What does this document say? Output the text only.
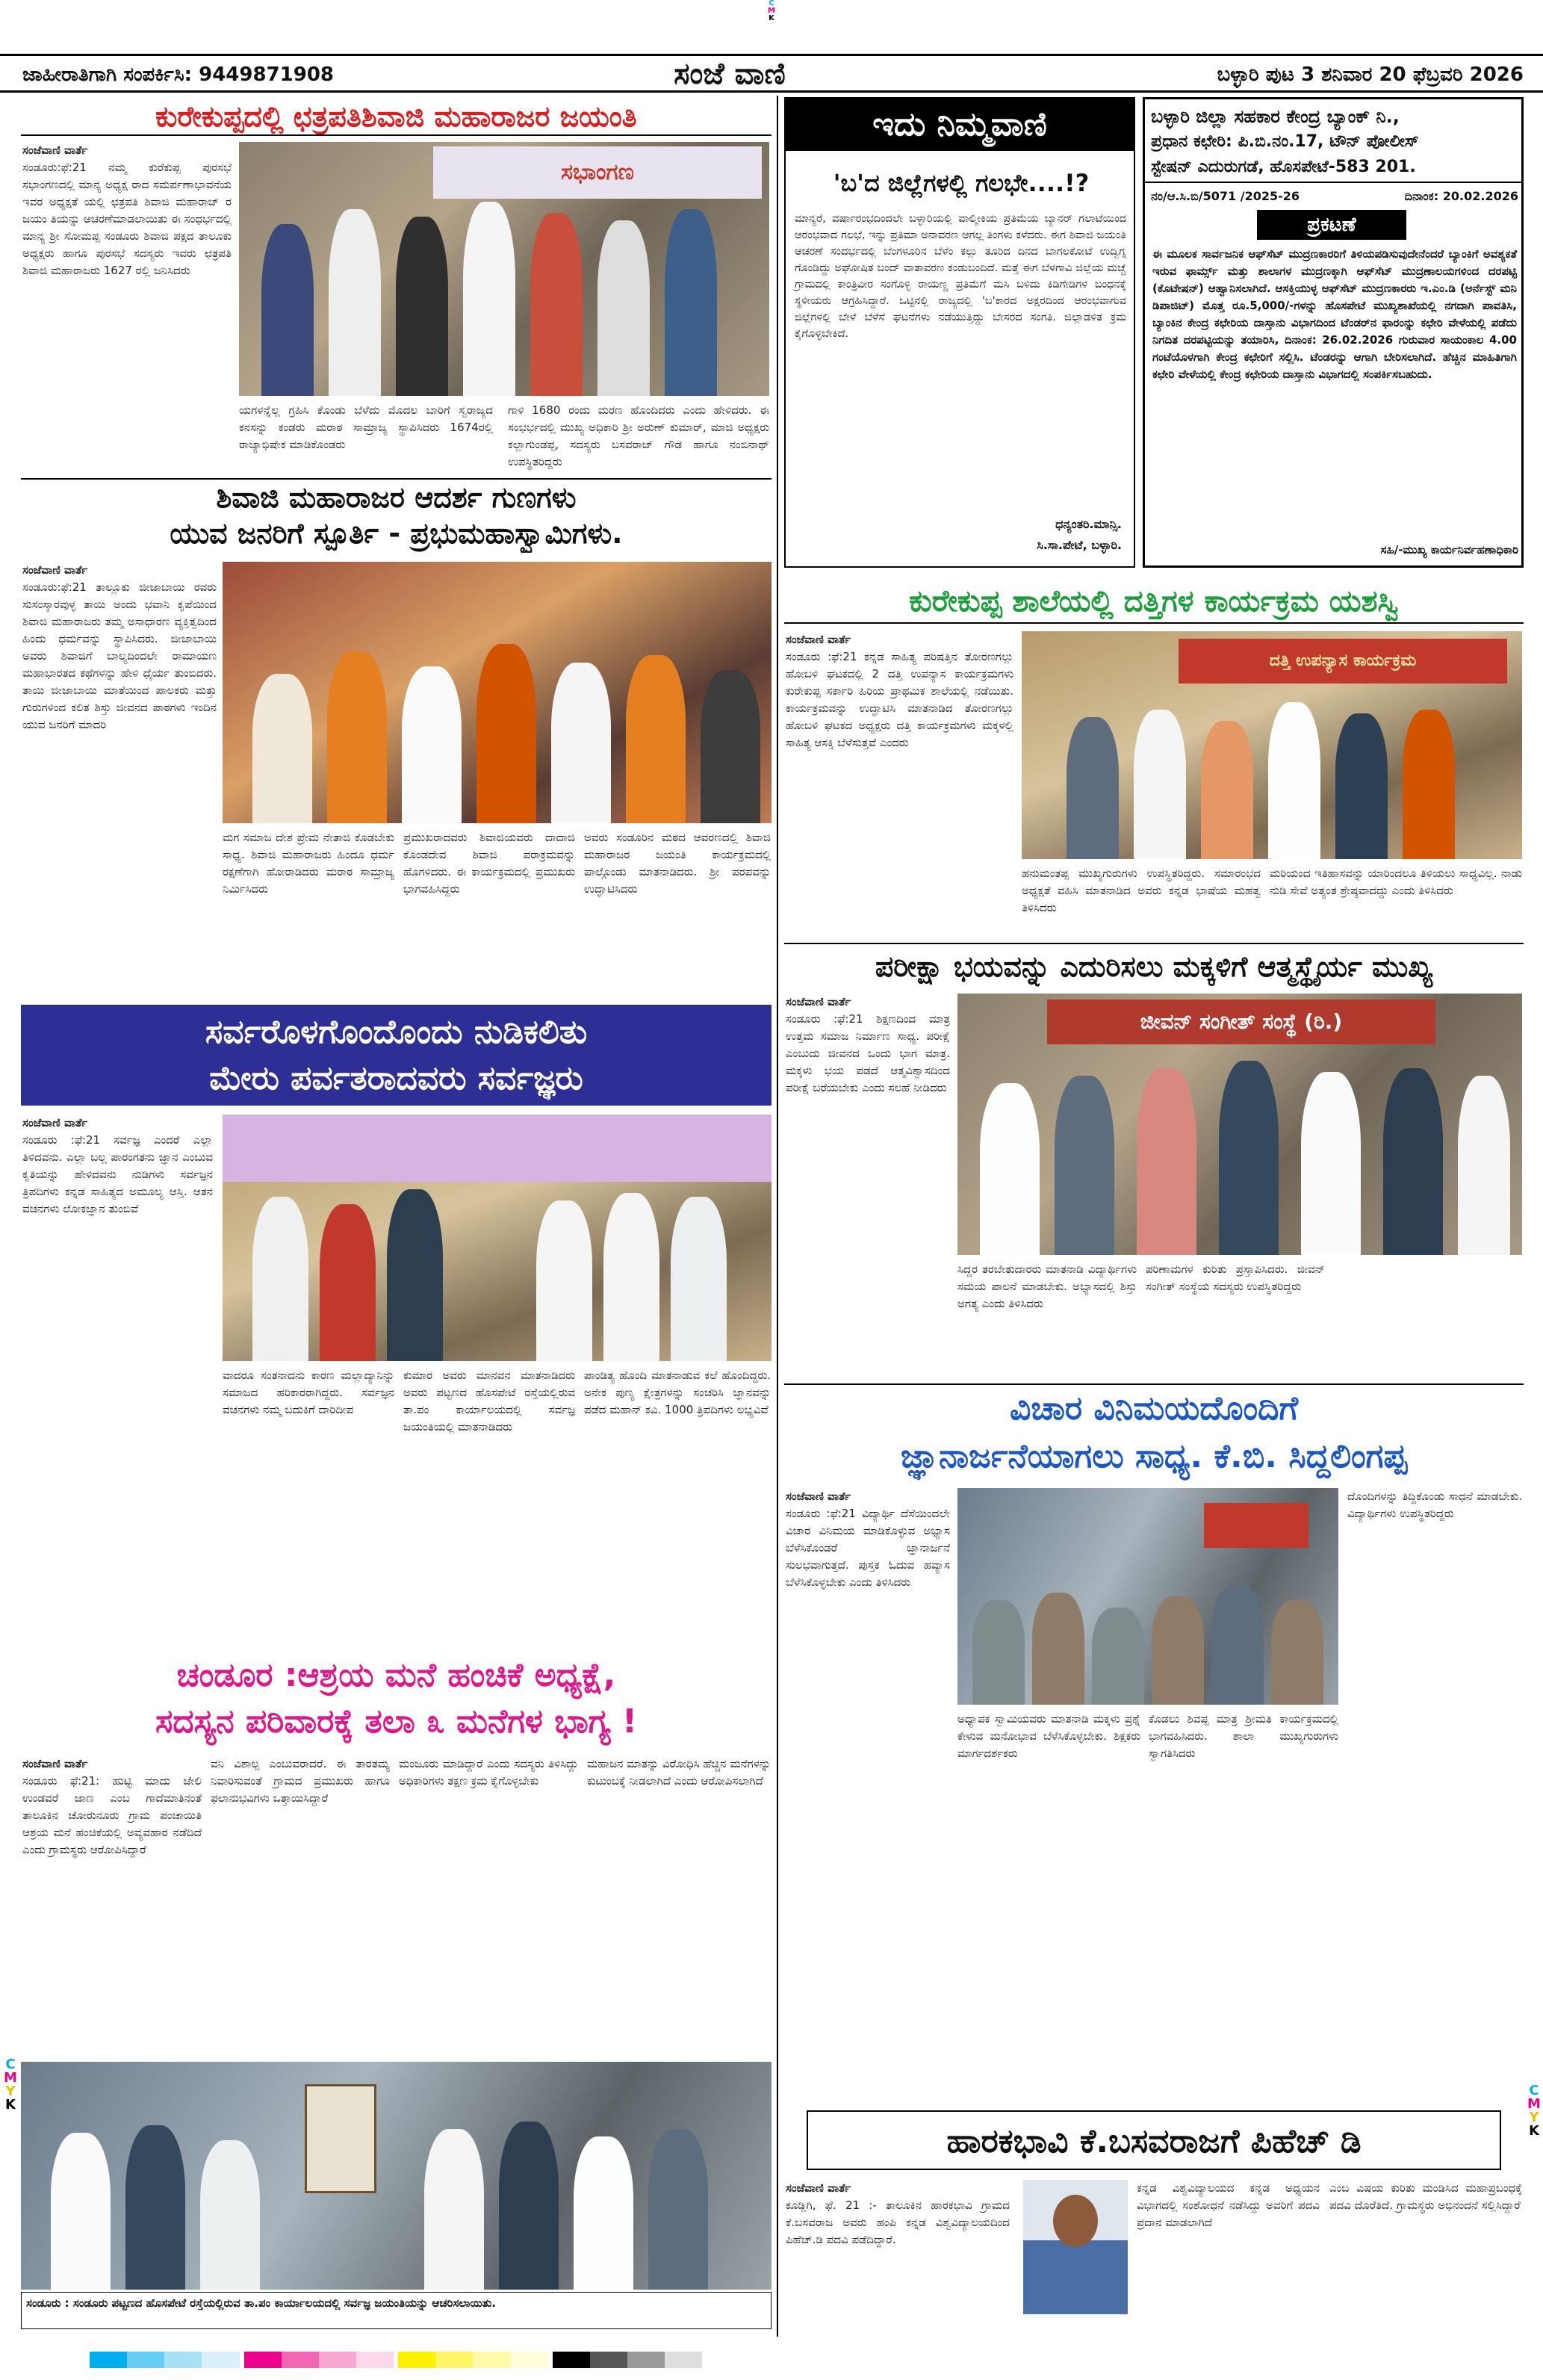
C
M
K
ಜಾಹೀರಾತಿಗಾಗಿ ಸಂಪರ್ಕಿಸಿ: 9449871908	ಸಂಜೆ ವಾಣಿ	ಬಳ್ಳಾರಿ ಪುಟ 3 ಶನಿವಾರ 20 ಫೆಬ್ರವರಿ 2026
ಕುರೇಕುಪ್ಪದಲ್ಲಿ ಛತ್ರಪತಿಶಿವಾಜಿ ಮಹಾರಾಜರ ಜಯಂತಿ
ಸಂಜೆವಾಣಿ ವಾರ್ತೆ
ಸಂಡೂರು:ಫೆ:21 ನಮ್ಮ ಕುರೆಕುಪ್ಪ ಪುರಸಭೆ ಸಭಾಂಗಣದಲ್ಲಿ ಮಾನ್ಯ ಅಧ್ಯಕ್ಷ ರಾದ ಸಮರ್ಪಣಾಭಾವನೆಯ ಇವರ ಅಧ್ಯಕ್ಷತೆ ಯಲ್ಲಿ ಛತ್ರಪತಿ ಶಿವಾಜಿ ಮಹಾರಾಜ್ ರ ಜಯಂ ತಿಯನ್ನು ಆಚರಣೆಮಾಡಲಾಯಿತು ಈ ಸಂಧರ್ಭದಲ್ಲಿ ಮಾನ್ಯ ಶ್ರೀ ಸೋಮಪ್ಪ ಸಂಡೂರು ಶಿವಾಜಿ ಪಕ್ಷದ ತಾಲೂಕು ಅಧ್ಯಕ್ಷರು ಹಾಗೂ ಪುರಸಭೆ ಸದಸ್ಯರು ಇವರು ಛತ್ರಪತಿ ಶಿವಾಜಿ ಮಹಾರಾಜರು 1627 ರಲ್ಲಿ ಜನಿಸಿದರು
ಸಭಾಂಗಣ
ಯಗಳನ್ನೆಲ್ಲ ಗ್ರಹಿಸಿ ಕೊಂಡು ಬೆಳೆದು ಮೊದಲ ಬಾರಿಗೆ ಸ್ವರಾಜ್ಯದ ಕನಸನ್ನು ಕಂಡರು ಮರಾಠ ಸಾಮ್ರಾಜ್ಯ ಸ್ಥಾಪಿಸಿದರು 1674ರಲ್ಲಿ ರಾಜ್ಯಾಭಿಷೇಕ ಮಾಡಿಕೊಂಡರು
ಗಾಳಿ 1680 ರಂದು ಮರಣ ಹೊಂದಿದರು ಎಂದು ಹೇಳಿದರು. ಈ ಸಂಭರ್ಭದಲ್ಲಿ ಮುಖ್ಯ ಅಧಿಕಾರಿ ಶ್ರೀ ಅರುಣ್ ಕುಮಾರ್, ಮಾಜಿ ಅಧ್ಯಕ್ಷರು ಕಲ್ಲಾಗುಂಡಪ್ಪ, ಸದಸ್ಯರು ಬಸವರಾಜ್ ಗೌಡ ಹಾಗೂ ನಂಬಿನಾಥ್ ಉಪಸ್ಥಿತರಿದ್ದರು
ಶಿವಾಜಿ ಮಹಾರಾಜರ ಆದರ್ಶ ಗುಣಗಳು
ಯುವ ಜನರಿಗೆ ಸ್ಪೂರ್ತಿ - ಪ್ರಭುಮಹಾಸ್ವಾಮಿಗಳು.
ಸಂಜೆವಾಣಿ ವಾರ್ತೆ
ಸಂಡೂರು:ಫೆ:21 ತಾಲ್ಲೂಕು ಜೀಜಾಬಾಯಿ ರವರು ಸುಸಂಸ್ಕಾರವುಳ್ಳ ತಾಯಿ ಅಂದು ಭವಾನಿ ಕೃಪೆಯಿಂದ ಶಿವಾಜಿ ಮಹಾರಾಜರು ತಮ್ಮ ಅಸಾಧಾರಣ ವ್ಯಕ್ತಿತ್ವದಿಂದ ಹಿಂದು ಧರ್ಮವನ್ನು ಸ್ಥಾಪಿಸಿದರು. ಜೀಜಾಬಾಯಿ ಅವರು ಶಿವಾಜಿಗೆ ಬಾಲ್ಯದಿಂದಲೇ ರಾಮಾಯಣ ಮಹಾಭಾರತದ ಕಥೆಗಳನ್ನು ಹೇಳಿ ಧೈರ್ಯ ತುಂಬಿದರು. ತಾಯಿ ಜೀಜಾಬಾಯಿ ಮಾತೆಯಿಂದ ಪಾಲಕರು ಮತ್ತು ಗುರುಗಳಿಂದ ಕಲಿತ ಶಿಸ್ತು ಜೀವನದ ಪಾಠಗಳು ಇಂದಿನ ಯುವ ಜನರಿಗೆ ಮಾದರಿ
ಮಗ ಸಮಾಜ ದೇಶ ಪ್ರೇಮ ನೇತಾಜಿ ಕೊಡಬೇಕು ಸಾಧ್ಯ. ಶಿವಾಜಿ ಮಹಾರಾಜರು ಹಿಂದೂ ಧರ್ಮ ರಕ್ಷಣೆಗಾಗಿ ಹೋರಾಡಿದರು ಮರಾಠ ಸಾಮ್ರಾಜ್ಯ ನಿರ್ಮಿಸಿದರು
ಪ್ರಮುಖರಾದವರು ಶಿವಾಜಿಯವರು ದಾದಾಜಿ ಕೊಂಡದೇವ ಶಿವಾಜಿ ಪರಾಕ್ರಮವನ್ನು ಹೊಗಳಿದರು. ಈ ಕಾರ್ಯಕ್ರಮದಲ್ಲಿ ಪ್ರಮುಖರು ಭಾಗವಹಿಸಿದ್ದರು
ಅವರು ಸಂಡೂರಿನ ಮಠದ ಆವರಣದಲ್ಲಿ ಶಿವಾಜಿ ಮಹಾರಾಜರ ಜಯಂತಿ ಕಾರ್ಯಕ್ರಮದಲ್ಲಿ ಪಾಲ್ಗೊಂಡು ಮಾತನಾಡಿದರು. ಶ್ರೀ ಪರಪವನ್ನು ಉದ್ಘಾಟಿಸಿದರು
ಸರ್ವರೊಳಗೊಂದೊಂದು ನುಡಿಕಲಿತು
ಮೇರು ಪರ್ವತರಾದವರು ಸರ್ವಜ್ಞರು
ಸಂಜೆವಾಣಿ ವಾರ್ತೆ
ಸಂಡೂರು :ಫೆ:21 ಸರ್ವಜ್ಞ ಎಂದರೆ ಎಲ್ಲಾ ತಿಳಿದವನು. ಎಲ್ಲಾ ಬಲ್ಲ ಪಾರಂಗತನು ಜ್ಞಾನ ಎಂಬುವ ಕೃತಿಯನ್ನು ಹೇಳಿದವನು ನುಡಿಗಳು ಸರ್ವಜ್ಞನ ತ್ರಿಪದಿಗಳು ಕನ್ನಡ ಸಾಹಿತ್ಯದ ಅಮೂಲ್ಯ ಆಸ್ತಿ. ಆತನ ವಚನಗಳು ಲೋಕಜ್ಞಾನ ತುಂಬಿವೆ
ವಾದರೂ ಸಂತನಾದನು ಕಾರಣ ಮಲ್ಲಾದ್ಯಾನಿನ್ನು ಸಮಾಜದ ಹರಿಕಾರರಾಗಿದ್ದರು. ಸರ್ವಜ್ಞನ ವಚನಗಳು ನಮ್ಮ ಬದುಕಿಗೆ ದಾರಿದೀಪ
ಕುಮಾರ ಅವರು ಮಾನವನ ಮಾತನಾಡಿದರು ಅವರು ಪಟ್ಟಣದ ಹೊಸಪೇಟೆ ರಸ್ತೆಯಲ್ಲಿರುವ ತಾ.ಪಂ ಕಾರ್ಯಾಲಯದಲ್ಲಿ ಸರ್ವಜ್ಞ ಜಯಂತಿಯಲ್ಲಿ ಮಾತನಾಡಿದರು
ಪಾಂಡಿತ್ಯ ಹೊಂದಿ ಮಾತನಾಡುವ ಕಲೆ ಹೊಂದಿದ್ದರು. ಅನೇಕ ಪುಣ್ಯ ಕ್ಷೇತ್ರಗಳನ್ನು ಸಂಚರಿಸಿ ಜ್ಞಾನವನ್ನು ಪಡೆದ ಮಹಾನ್ ಕವಿ. 1000 ತ್ರಿಪದಿಗಳು ಲಭ್ಯವಿವೆ
ಚಂಡೂರ :ಆಶ್ರಯ ಮನೆ ಹಂಚಿಕೆ ಅಧ್ಯಕ್ಷೆ,
ಸದಸ್ಯನ ಪರಿವಾರಕ್ಕೆ ತಲಾ ೩ ಮನೆಗಳ ಭಾಗ್ಯ !
ಸಂಜೆವಾಣಿ ವಾರ್ತೆ
ಸಂಡೂರು ಫೆ:21: ಹುಟ್ಟಿ ಮಾದು ಜೇಲಿ ಉಂಡವರೆ ಜಾಣ ಎಂಬ ಗಾದೆಮಾತಿನಂತೆ ತಾಲೂಕಿನ ಚೋರುನೂರು ಗ್ರಾಮ ಪಂಚಾಯಿತಿ ಆಶ್ರಯ ಮನೆ ಹಂಚಿಕೆಯಲ್ಲಿ ಅವ್ಯವಹಾರ ನಡೆದಿದೆ ಎಂದು ಗ್ರಾಮಸ್ಥರು ಆರೋಪಿಸಿದ್ದಾರೆ
ವನಿ ವಿಶಾಲ್ಪ ಎಂಬುವರಾದರೆ. ಈ ತಾರತಮ್ಯ ನಿವಾರಿಸುವಂತೆ ಗ್ರಾಮದ ಪ್ರಮುಖರು ಹಾಗೂ ಫಲಾನುಭವಿಗಳು ಒತ್ತಾಯಿಸಿದ್ದಾರೆ
ಮಂಜೂರು ಮಾಡಿದ್ದಾರೆ ಎಂದು ಸದಸ್ಯರು ತಿಳಿಸಿದ್ದು ಅಧಿಕಾರಿಗಳು ತಕ್ಷಣ ಕ್ರಮ ಕೈಗೊಳ್ಳಬೇಕು
ಮಹಾಜನ ಮಾತನ್ನು ವಿರೋಧಿಸಿ ಹೆಚ್ಚಿನ ಮನೆಗಳನ್ನು ಕುಟುಂಬಕ್ಕೆ ನೀಡಲಾಗಿದೆ ಎಂದು ಆರೋಪಿಸಲಾಗಿದೆ
ಸಂಡೂರು : ಸಂಡೂರು ಪಟ್ಟಣದ ಹೊಸಪೇಟೆ ರಸ್ತೆಯಲ್ಲಿರುವ ತಾ.ಪಂ ಕಾರ್ಯಾಲಯದಲ್ಲಿ ಸರ್ವಜ್ಞ ಜಯಂತಿಯನ್ನು ಆಚರಿಸಲಾಯಿತು.
ಇದು ನಿಮ್ಮವಾಣಿ
'ಬ'ದ ಜಿಲ್ಲೆಗಳಲ್ಲಿ ಗಲಭೇ....!?
ಮಾನ್ಯರೆ, ವರ್ಷಾರಂಭದಿಂದಲೇ ಬಳ್ಳಾರಿಯಲ್ಲಿ ವಾಲ್ಮೀಕಿಯ ಪ್ರತಿಮೆಯ ಬ್ಯಾನರ್ ಗಲಾಟೆಯಿಂದ ಆರಂಭವಾದ ಗಲಭೆ, ಇನ್ನು ಪ್ರತಿಮಾ ಅನಾವರಣ ಆಗಲ್ಲ ತಿಂಗಳು ಕಳೆದರು. ಈಗ ಶಿವಾಜಿ ಜಯಂತಿ ಆಚರಣೆ ಸಂದರ್ಭದಲ್ಲಿ ಬೆಂಗಳೂರಿನ ಬೆಳೆಂ ಕಲ್ಲು ತೂರಿದ ದಿನದ ಬಾಗಲಕೋಟೆ ಉದ್ವಿಗ್ನ ಗೊಂಡಿದ್ದು ಅಘೋಷಿತ ಬಂದ್ ವಾತಾವರಣ ಕಂಡುಬಂದಿದೆ. ಮತ್ತೆ ಈಗ ಬೆಳಗಾವಿ ಜಿಲ್ಲೆಯ ಮಚ್ಚೆ ಗ್ರಾಮದಲ್ಲಿ ಕಾಂತ್ರಿವೀರ ಸಂಗೊಳ್ಳಿ ರಾಯಣ್ಣ ಪ್ರತಿಮೆಗೆ ಮಸಿ ಬಳಿದು ಕಿಡಿಗೇಡಿಗಳ ಬಂಧನಕ್ಕೆ ಸ್ಥಳೀಯರು ಆಗ್ರಹಿಸಿದ್ದಾರೆ. ಒಟ್ಟಿನಲ್ಲಿ ರಾಜ್ಯದಲ್ಲಿ 'ಬ'ಕಾರದ ಅಕ್ಷರದಿಂದ ಆರಂಭವಾಗುವ ಜಿಲ್ಲೆಗಳಲ್ಲಿ ಬೇಳೆ ಬೆಳೆಸೆ ಘಟನೆಗಳು ನಡೆಯುತ್ತಿದ್ದು ಬೇಸರದ ಸಂಗತಿ. ಜಿಲ್ಲಾಡಳಿತ ಕ್ರಮ ಕೈಗೊಳ್ಳಬೇಕಿದೆ.
ಧನ್ಯಂತರಿ.ಮಾನ್ಸಿ.
ಸಿ.ಸಾ.ಪೇಟೆ, ಬಳ್ಳಾರಿ.
ಬಳ್ಳಾರಿ ಜಿಲ್ಲಾ ಸಹಕಾರ ಕೇಂದ್ರ ಬ್ಯಾಂಕ್ ನಿ.,
ಪ್ರಧಾನ ಕಛೇರಿ: ಪಿ.ಬಿ.ನಂ.17, ಟೌನ್ ಪೋಲೀಸ್
ಸ್ಟೇಷನ್ ಎದುರುಗಡೆ, ಹೊಸಪೇಟೆ-583 201.
ನಂ/ಆ.ಸಿ.ಬಿ/5071 /2025-26	ದಿನಾಂಕ: 20.02.2026
ಪ್ರಕಟಣೆ
ಈ ಮೂಲಕ ಸಾರ್ವಜನಿಕ ಆಫ್‌ಸೆಟ್ ಮುದ್ರಣಕಾರರಿಗೆ ತಿಳಿಯಪಡಿಸುವುದೇನೆಂದರೆ ಬ್ಯಾಂಕಿಗೆ ಅವಶ್ಯಕತೆ ಇರುವ ಫಾರ್ಮ್ಸ್ ಮತ್ತು ಶಾಲಾಗಳ ಮುದ್ರಣಕ್ಕಾಗಿ ಆಫ್‌ಸೆಟ್ ಮುದ್ರಣಾಲಯಗಳಿಂದ ದರಪಟ್ಟಿ (ಕೊಟೇಷನ್) ಆಹ್ವಾನಿಸಲಾಗಿದೆ. ಆಸಕ್ತಿಯುಳ್ಳ ಆಫ್‌ಸೆಟ್ ಮುದ್ರಣಕಾರರು ಇ.ಎಂ.ಡಿ (ಅರ್ನೆಸ್ಟ್ ಮನಿ ಡಿಪಾಜಿಟ್) ಮೊತ್ತ ರೂ.5,000/-ಗಳನ್ನು ಹೊಸಪೇಟೆ ಮುಖ್ಯಶಾಖೆಯಲ್ಲಿ ನಗದಾಗಿ ಪಾವತಿಸಿ, ಬ್ಯಾಂಕಿನ ಕೇಂದ್ರ ಕಛೇರಿಯ ದಾಸ್ತಾನು ವಿಭಾಗದಿಂದ ಟೆಂಡರ್‌ನ ಫಾರಂನ್ನು ಕಛೇರಿ ವೇಳೆಯಲ್ಲಿ ಪಡೆದು ನಿಗದಿತ ದರಪಟ್ಟಿಯನ್ನು ತಯಾರಿಸಿ, ದಿನಾಂಕ: 26.02.2026 ಗುರುವಾರ ಸಾಯಂಕಾಲ 4.00 ಗಂಟೆಯೊಳಗಾಗಿ ಕೇಂದ್ರ ಕಛೇರಿಗೆ ಸಲ್ಲಿಸಿ. ಟೆಂಡರನ್ನು ಆಗಾಗಿ ಬೇರಿಸಲಾಗಿದೆ. ಹೆಚ್ಚಿನ ಮಾಹಿತಿಗಾಗಿ ಕಛೇರಿ ವೇಳೆಯಲ್ಲಿ ಕೇಂದ್ರ ಕಛೇರಿಯ ದಾಸ್ತಾನು ವಿಭಾಗದಲ್ಲಿ ಸಂಪರ್ಕಿಸಬಹುದು.
ಸಹಿ/-ಮುಖ್ಯ ಕಾರ್ಯನಿರ್ವಹಣಾಧಿಕಾರಿ
ಕುರೇಕುಪ್ಪ ಶಾಲೆಯಲ್ಲಿ ದತ್ತಿಗಳ ಕಾರ್ಯಕ್ರಮ ಯಶಸ್ವಿ
ಸಂಜೆವಾಣಿ ವಾರ್ತೆ
ಸಂಡೂರು :ಫೆ:21 ಕನ್ನಡ ಸಾಹಿತ್ಯ ಪರಿಷತ್ತಿನ ತೋರಣಗಲ್ಲು ಹೋಬಳಿ ಘಟಕದಲ್ಲಿ 2 ದತ್ತಿ ಉಪನ್ಯಾಸ ಕಾರ್ಯಕ್ರಮಗಳು ಕುರೇಕುಪ್ಪ ಸರ್ಕಾರಿ ಹಿರಿಯ ಪ್ರಾಥಮಿಕ ಶಾಲೆಯಲ್ಲಿ ನಡೆಯಿತು. ಕಾರ್ಯಕ್ರಮವನ್ನು ಉದ್ಘಾಟಿಸಿ ಮಾತನಾಡಿದ ತೋರಣಗಲ್ಲು ಹೋಬಳಿ ಘಟಕದ ಅಧ್ಯಕ್ಷರು ದತ್ತಿ ಕಾರ್ಯಕ್ರಮಗಳು ಮಕ್ಕಳಲ್ಲಿ ಸಾಹಿತ್ಯ ಆಸಕ್ತಿ ಬೆಳೆಸುತ್ತವೆ ಎಂದರು
ದತ್ತಿ ಉಪನ್ಯಾಸ ಕಾರ್ಯಕ್ರಮ
ಹನುಮಂತಪ್ಪ ಮುಖ್ಯಗುರುಗಳು ಉಪಸ್ಥಿತರಿದ್ದರು. ಸಮಾರಂಭದ ಅಧ್ಯಕ್ಷತೆ ವಹಿಸಿ ಮಾತನಾಡಿದ ಅವರು ಕನ್ನಡ ಭಾಷೆಯ ಮಹತ್ವ ತಿಳಿಸಿದರು
ಮರಿಯಂದ ಇತಿಹಾಸವನ್ನು ಯಾರಿಂದಲೂ ತಿಳಿಯಲು ಸಾಧ್ಯವಿಲ್ಲ. ನಾಡು ನುಡಿ ಸೇವೆ ಅತ್ಯಂತ ಶ್ರೇಷ್ಠವಾದದ್ದು ಎಂದು ತಿಳಿಸಿದರು
ಪರೀಕ್ಷಾ ಭಯವನ್ನು ಎದುರಿಸಲು ಮಕ್ಕಳಿಗೆ ಆತ್ಮಸ್ಥೈರ್ಯ ಮುಖ್ಯ
ಸಂಜೆವಾಣಿ ವಾರ್ತೆ
ಸಂಡೂರು :ಫೆ:21 ಶಿಕ್ಷಣದಿಂದ ಮಾತ್ರ ಉತ್ತಮ ಸಮಾಜ ನಿರ್ಮಾಣ ಸಾಧ್ಯ. ಪರೀಕ್ಷೆ ಎಂಬುದು ಜೀವನದ ಒಂದು ಭಾಗ ಮಾತ್ರ. ಮಕ್ಕಳು ಭಯ ಪಡದೆ ಆತ್ಮವಿಶ್ವಾಸದಿಂದ ಪರೀಕ್ಷೆ ಬರೆಯಬೇಕು ಎಂದು ಸಲಹೆ ನೀಡಿದರು
ಜೀವನ್ ಸಂಗೀತ್ ಸಂಸ್ಥೆ (ರಿ.)
ಸಿದ್ದರ ತರಬೇತುದಾರರು ಮಾತನಾಡಿ ವಿದ್ಯಾರ್ಥಿಗಳು ಸಮಯ ಪಾಲನೆ ಮಾಡಬೇಕು. ಅಭ್ಯಾಸದಲ್ಲಿ ಶಿಸ್ತು ಅಗತ್ಯ ಎಂದು ತಿಳಿಸಿದರು
ಪರಿಣಾಮಗಳ ಕುರಿತು ಪ್ರಸ್ತಾಪಿಸಿದರು. ಜೀವನ್ ಸಂಗೀತ್ ಸಂಸ್ಥೆಯ ಸದಸ್ಯರು ಉಪಸ್ಥಿತರಿದ್ದರು
ವಿಚಾರ ವಿನಿಮಯದೊಂದಿಗೆ
ಜ್ಞಾನಾರ್ಜನೆಯಾಗಲು ಸಾಧ್ಯ. ಕೆ.ಬಿ. ಸಿದ್ದಲಿಂಗಪ್ಪ
ಸಂಜೆವಾಣಿ ವಾರ್ತೆ
ಸಂಡೂರು :ಫೆ:21 ವಿದ್ಯಾರ್ಥಿ ದೆಸೆಯಿಂದಲೇ ವಿಚಾರ ವಿನಿಮಯ ಮಾಡಿಕೊಳ್ಳುವ ಅಭ್ಯಾಸ ಬೆಳೆಸಿಕೊಂಡರೆ ಜ್ಞಾನಾರ್ಜನೆ ಸುಲಭವಾಗುತ್ತದೆ. ಪುಸ್ತಕ ಓದುವ ಹವ್ಯಾಸ ಬೆಳೆಸಿಕೊಳ್ಳಬೇಕು ಎಂದು ತಿಳಿಸಿದರು
ಅಧ್ಯಾಪಕ ಸ್ವಾಮಿಯವರು ಮಾತನಾಡಿ ಮಕ್ಕಳು ಪ್ರಶ್ನೆ ಕೇಳುವ ಮನೋಭಾವ ಬೆಳೆಸಿಕೊಳ್ಳಬೇಕು. ಶಿಕ್ಷಕರು ಮಾರ್ಗದರ್ಶಕರು
ಕೊಡಲು ಶಿವಪ್ಪ ಮಾತ್ರ ಶ್ರೀಮತಿ ಕಾರ್ಯಕ್ರಮದಲ್ಲಿ ಭಾಗವಹಿಸಿದರು. ಶಾಲಾ ಮುಖ್ಯಗುರುಗಳು ಸ್ವಾಗತಿಸಿದರು
ದೊಂದಿಗಳನ್ನು ತಿದ್ದಿಕೊಂಡು ಸಾಧನೆ ಮಾಡಬೇಕು. ವಿದ್ಯಾರ್ಥಿಗಳು ಉಪಸ್ಥಿತರಿದ್ದರು
ಹಾರಕಭಾವಿ ಕೆ.ಬಸವರಾಜಗೆ ಪಿಹೆಚ್ ಡಿ
ಸಂಜೆವಾಣಿ ವಾರ್ತೆ
ಕೂಡ್ಲಿಗಿ, ಫೆ. 21 :- ತಾಲೂಕಿನ ಹಾರಕಭಾವಿ ಗ್ರಾಮದ ಕೆ.ಬಸವರಾಜ ಅವರು ಹಂಪಿ ಕನ್ನಡ ವಿಶ್ವವಿದ್ಯಾಲಯದಿಂದ ಪಿಹೆಚ್.ಡಿ ಪದವಿ ಪಡೆದಿದ್ದಾರೆ.
ಕನ್ನಡ ವಿಶ್ವವಿದ್ಯಾಲಯದ ಕನ್ನಡ ಅಧ್ಯಯನ ವಿಭಾಗದಲ್ಲಿ ಸಂಶೋಧನೆ ನಡೆಸಿದ್ದು ಅವರಿಗೆ ಪದವಿ ಪ್ರದಾನ ಮಾಡಲಾಗಿದೆ
ಎಂಬ ವಿಷಯ ಕುರಿತು ಮಂಡಿಸಿದ ಮಹಾಪ್ರಬಂಧಕ್ಕೆ ಪದವಿ ದೊರೆತಿದೆ. ಗ್ರಾಮಸ್ಥರು ಅಭಿನಂದನೆ ಸಲ್ಲಿಸಿದ್ದಾರೆ
C
M
Y
K
C
M
Y
K
